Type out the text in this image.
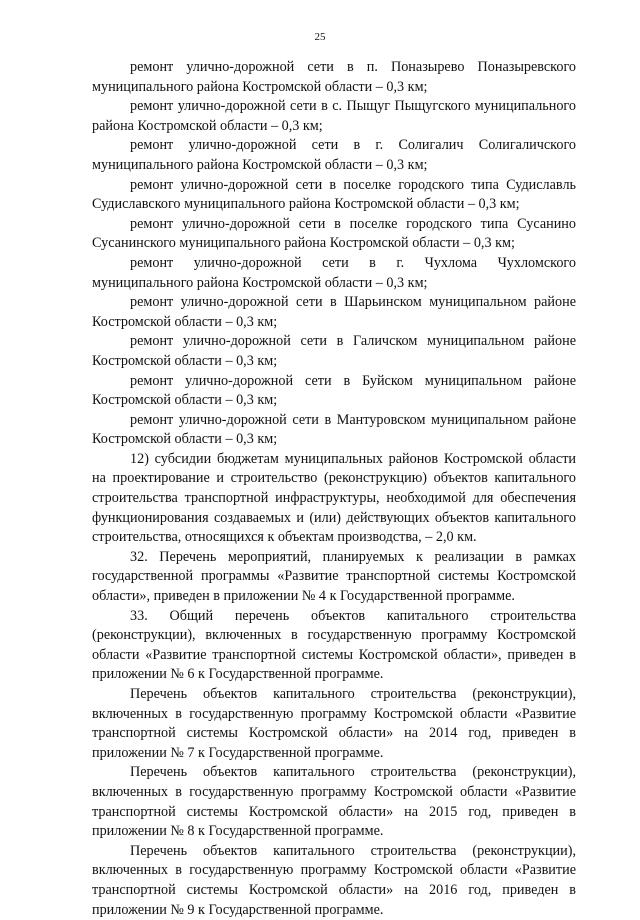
25

ремонт улично-дорожной сети в п. Поназырево Поназыревского муниципального района Костромской области – 0,3 км;

ремонт улично-дорожной сети в с. Пыщуг Пыщугского муниципального района Костромской области – 0,3 км;

ремонт улично-дорожной сети в г. Солигалич Солигаличского муниципального района Костромской области – 0,3 км;

ремонт улично-дорожной сети в поселке городского типа Судиславль Судиславского муниципального района Костромской области – 0,3 км;

ремонт улично-дорожной сети в поселке городского типа Сусанино Сусанинского муниципального района Костромской области – 0,3 км;

ремонт улично-дорожной сети в г. Чухлома Чухломского муниципального района Костромской области – 0,3 км;

ремонт улично-дорожной сети в Шарьинском муниципальном районе Костромской области – 0,3 км;

ремонт улично-дорожной сети в Галичском муниципальном районе Костромской области – 0,3 км;

ремонт улично-дорожной сети в Буйском муниципальном районе Костромской области – 0,3 км;

ремонт улично-дорожной сети в Мантуровском муниципальном районе Костромской области – 0,3 км;

12) субсидии бюджетам муниципальных районов Костромской области на проектирование и строительство (реконструкцию) объектов капитального строительства транспортной инфраструктуры, необходимой для обеспечения функционирования создаваемых и (или) действующих объектов капитального строительства, относящихся к объектам производства, – 2,0 км.

32. Перечень мероприятий, планируемых к реализации в рамках государственной программы «Развитие транспортной системы Костромской области», приведен в приложении № 4 к Государственной программе.

33. Общий перечень объектов капитального строительства (реконструкции), включенных в государственную программу Костромской области «Развитие транспортной системы Костромской области», приведен в приложении № 6 к Государственной программе.

Перечень объектов капитального строительства (реконструкции), включенных в государственную программу Костромской области «Развитие транспортной системы Костромской области» на 2014 год, приведен в приложении № 7 к Государственной программе.

Перечень объектов капитального строительства (реконструкции), включенных в государственную программу Костромской области «Развитие транспортной системы Костромской области» на 2015 год, приведен в приложении № 8 к Государственной программе.

Перечень объектов капитального строительства (реконструкции), включенных в государственную программу Костромской области «Развитие транспортной системы Костромской области» на 2016 год, приведен в приложении № 9 к Государственной программе.
